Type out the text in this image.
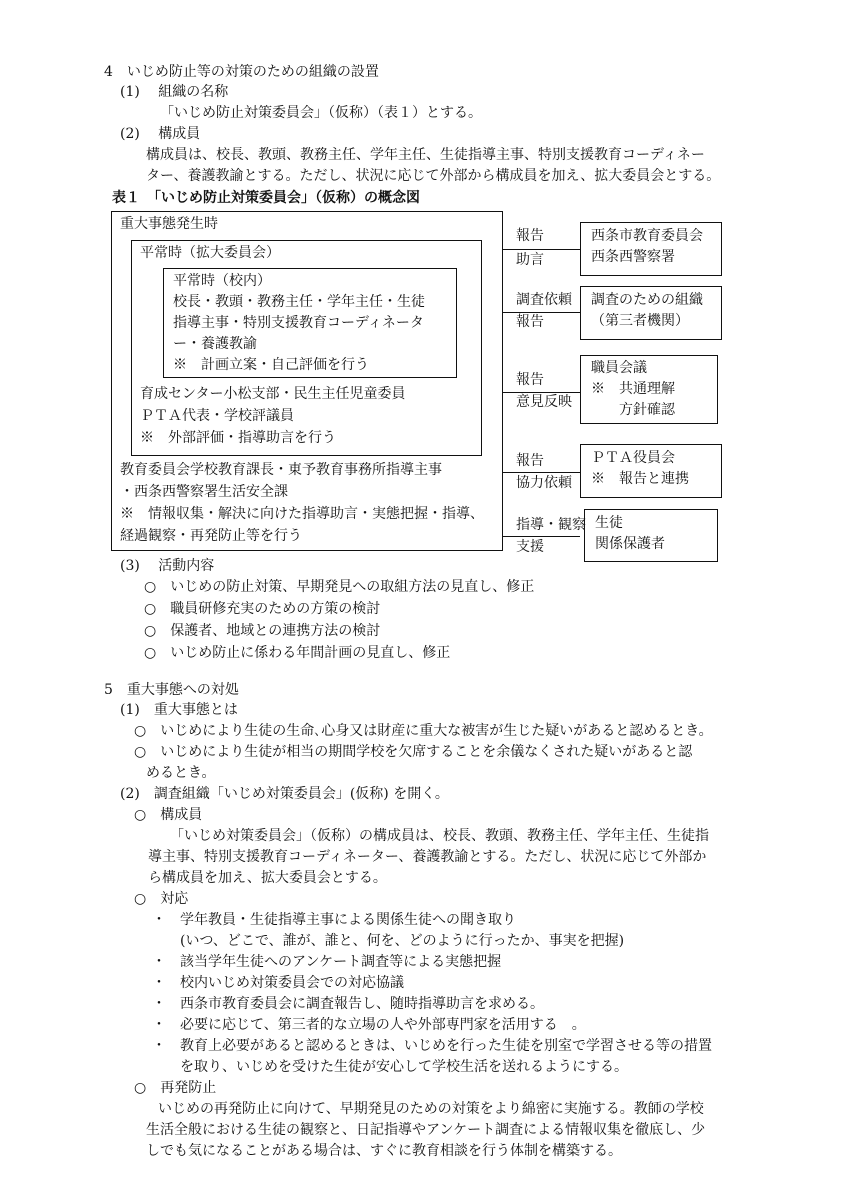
4　いじめ防止等の対策のための組織の設置
(1)　 組織の名称
「いじめ防止対策委員会」（仮称）（表１）とする。
(2)　 構成員
構成員は、校長、教頭、教務主任、学年主任、生徒指導主事、特別支援教育コーディネー
ター、養護教諭とする。ただし、状況に応じて外部から構成員を加え、拡大委員会とする。
表１　「いじめ防止対策委員会」（仮称）の概念図
重大事態発生時
教育委員会学校教育課長・東予教育事務所指導主事
・西条西警察署生活安全課
※　情報収集・解決に向けた指導助言・実態把握・指導、
経過観察・再発防止等を行う
平常時（拡大委員会）
育成センター小松支部・民生主任児童委員
ＰＴＡ代表・学校評議員
※　外部評価・指導助言を行う
平常時（校内）
校長・教頭・教務主任・学年主任・生徒
指導主事・特別支援教育コーディネータ
ー・養護教諭
※　計画立案・自己評価を行う
報告
助言
西条市教育委員会
西条西警察署
調査依頼
報告
調査のための組織
（第三者機関）
報告
意見反映
職員会議
※　共通理解
　　方針確認
報告
協力依頼
ＰＴＡ役員会
※　報告と連携
指導・観察
支援
生徒
関係保護者
(3)　 活動内容
○　いじめの防止対策、早期発見への取組方法の見直し、修正
○　職員研修充実のための方策の検討
○　保護者、地域との連携方法の検討
○　いじめ防止に係わる年間計画の見直し、修正
5　重大事態への対処
(1)　重大事態とは
○　いじめにより生徒の生命､心身又は財産に重大な被害が生じた疑いがあると認めるとき。
○　いじめにより生徒が相当の期間学校を欠席することを余儀なくされた疑いがあると認
めるとき。
(2)　調査組織「いじめ対策委員会」(仮称) を開く。
○　構成員
「いじめ対策委員会」（仮称）の構成員は、校長、教頭、教務主任、学年主任、生徒指
導主事、特別支援教育コーディネーター、養護教諭とする。ただし、状況に応じて外部か
ら構成員を加え、拡大委員会とする。
○　対応
・　学年教員・生徒指導主事による関係生徒への聞き取り
　　(いつ、どこで、誰が、誰と、何を、どのように行ったか、事実を把握)
・　該当学年生徒へのアンケート調査等による実態把握
・　校内いじめ対策委員会での対応協議
・　西条市教育委員会に調査報告し、随時指導助言を求める。
・　必要に応じて、第三者的な立場の人や外部専門家を活用する　。
・　教育上必要があると認めるときは、いじめを行った生徒を別室で学習させる等の措置
　　を取り、いじめを受けた生徒が安心して学校生活を送れるようにする。
○　再発防止
いじめの再発防止に向けて、早期発見のための対策をより綿密に実施する。教師の学校
生活全般における生徒の観察と、日記指導やアンケート調査による情報収集を徹底し、少
しでも気になることがある場合は、すぐに教育相談を行う体制を構築する。
